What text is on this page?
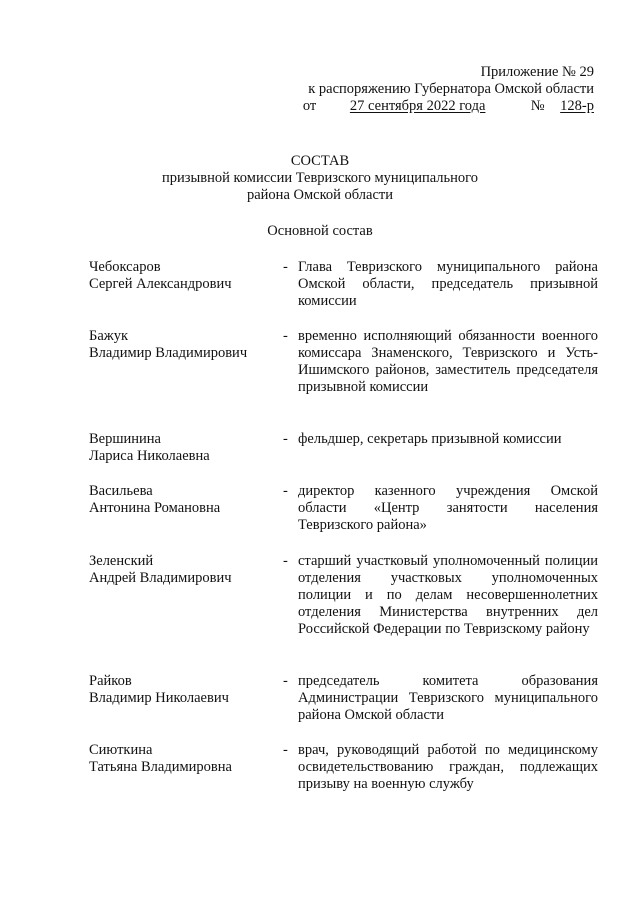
Приложение № 29
к распоряжению Губернатора Омской области
от 27 сентября 2022 года	№ 128-р
СОСТАВ
призывной комиссии Тевризского муниципального
района Омской области
Основной состав
Чебоксаров
Сергей Александрович
- Глава Тевризского муниципального района Омской области, председатель призывной комиссии
Бажук
Владимир Владимирович
- временно исполняющий обязанности военного комиссара Знаменского, Тевризского и Усть-Ишимского районов, заместитель председателя призывной комиссии
Вершинина
Лариса Николаевна
- фельдшер, секретарь призывной комиссии
Васильева
Антонина Романовна
- директор казенного учреждения Омской области «Центр занятости населения Тевризского района»
Зеленский
Андрей Владимирович
- старший участковый уполномоченный полиции отделения участковых уполномоченных полиции и по делам несовершеннолетних отделения Министерства внутренних дел Российской Федерации по Тевризскому району
Райков
Владимир Николаевич
- председатель комитета образования Администрации Тевризского муниципального района Омской области
Сиюткина
Татьяна Владимировна
- врач, руководящий работой по медицинскому освидетельствованию граждан, подлежащих призыву на военную службу
